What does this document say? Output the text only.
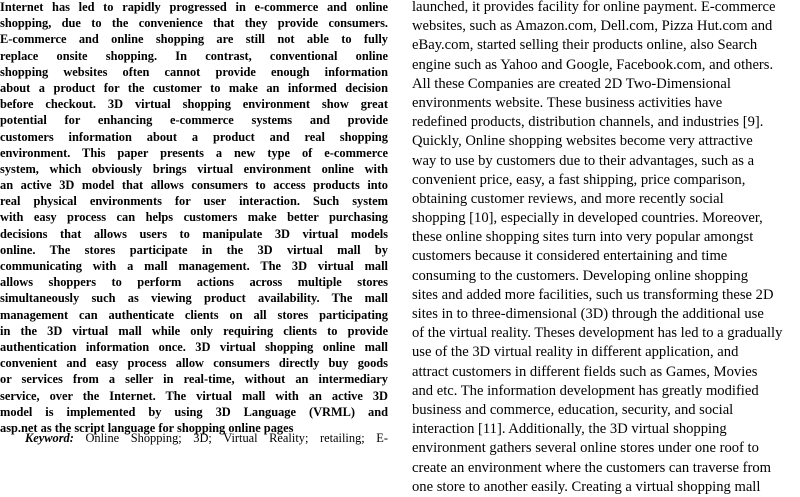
Internet has led to rapidly progressed in e-commerce and online
shopping, due to the convenience that they provide consumers.
E-commerce and online shopping are still not able to fully
replace onsite shopping. In contrast, conventional online
shopping websites often cannot provide enough information
about a product for the customer to make an informed decision
before checkout. 3D virtual shopping environment show great
potential for enhancing e-commerce systems and provide
customers information about a product and real shopping
environment. This paper presents a new type of e-commerce
system, which obviously brings virtual environment online with
an active 3D model that allows consumers to access products into
real physical environments for user interaction. Such system
with easy process can helps customers make better purchasing
decisions that allows users to manipulate 3D virtual models
online. The stores participate in the 3D virtual mall by
communicating with a mall management. The 3D virtual mall
allows shoppers to perform actions across multiple stores
simultaneously such as viewing product availability. The mall
management can authenticate clients on all stores participating
in the 3D virtual mall while only requiring clients to provide
authentication information once. 3D virtual shopping online mall
convenient and easy process allow consumers directly buy goods
or services from a seller in real-time, without an intermediary
service, over the Internet. The virtual mall with an active 3D
model is implemented by using 3D Language (VRML) and
asp.net as the script language for shopping online pages
Keyword: Online Shopping; 3D; Virtual Reality; retailing; E-
launched, it provides facility for online payment. E-commerce
websites, such as Amazon.com, Dell.com, Pizza Hut.com and
eBay.com, started selling their products online, also Search
engine such as Yahoo and Google, Facebook.com, and others.
All these Companies are created 2D Two-Dimensional
environments website. These business activities have
redefined products, distribution channels, and industries [9].
Quickly, Online shopping websites become very attractive
way to use by customers due to their advantages, such as a
convenient price, easy, a fast shipping, price comparison,
obtaining customer reviews, and more recently social
shopping [10], especially in developed countries. Moreover,
these online shopping sites turn into very popular amongst
customers because it considered entertaining and time
consuming to the customers. Developing online shopping
sites and added more facilities, such us transforming these 2D
sites in to three-dimensional (3D) through the additional use
of the virtual reality. Theses development has led to a gradually
use of the 3D virtual reality in different application, and
attract customers in different fields such as Games, Movies
and etc. The information development has greatly modified
business and commerce, education, security, and social
interaction [11]. Additionally, the 3D virtual shopping
environment gathers several online stores under one roof to
create an environment where the customers can traverse from
one store to another easily. Creating a virtual shopping mall
